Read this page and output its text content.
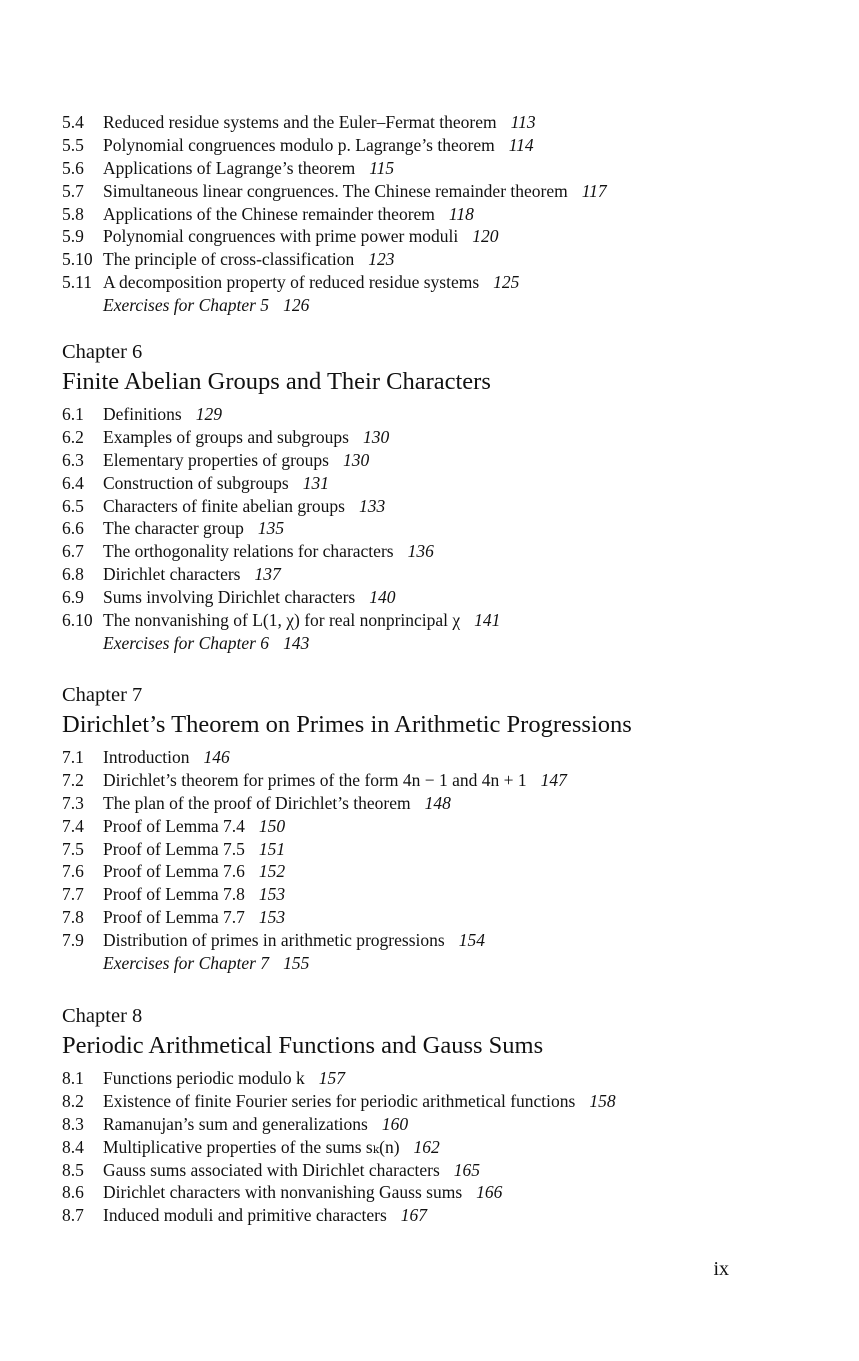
5.4	Reduced residue systems and the Euler–Fermat theorem 113
5.5	Polynomial congruences modulo p. Lagrange’s theorem 114
5.6	Applications of Lagrange’s theorem 115
5.7	Simultaneous linear congruences. The Chinese remainder theorem 117
5.8	Applications of the Chinese remainder theorem 118
5.9	Polynomial congruences with prime power moduli 120
5.10 The principle of cross-classification 123
5.11 A decomposition property of reduced residue systems 125
Exercises for Chapter 5 126
Chapter 6
Finite Abelian Groups and Their Characters
6.1	Definitions 129
6.2	Examples of groups and subgroups 130
6.3	Elementary properties of groups 130
6.4	Construction of subgroups 131
6.5	Characters of finite abelian groups 133
6.6	The character group 135
6.7	The orthogonality relations for characters 136
6.8	Dirichlet characters 137
6.9	Sums involving Dirichlet characters 140
6.10 The nonvanishing of L(1, χ) for real nonprincipal χ 141
Exercises for Chapter 6 143
Chapter 7
Dirichlet’s Theorem on Primes in Arithmetic Progressions
7.1	Introduction 146
7.2	Dirichlet’s theorem for primes of the form 4n − 1 and 4n + 1 147
7.3	The plan of the proof of Dirichlet’s theorem 148
7.4	Proof of Lemma 7.4 150
7.5	Proof of Lemma 7.5 151
7.6	Proof of Lemma 7.6 152
7.7	Proof of Lemma 7.8 153
7.8	Proof of Lemma 7.7 153
7.9	Distribution of primes in arithmetic progressions 154
Exercises for Chapter 7 155
Chapter 8
Periodic Arithmetical Functions and Gauss Sums
8.1	Functions periodic modulo k 157
8.2	Existence of finite Fourier series for periodic arithmetical functions 158
8.3	Ramanujan’s sum and generalizations 160
8.4	Multiplicative properties of the sums sₖ(n) 162
8.5	Gauss sums associated with Dirichlet characters 165
8.6	Dirichlet characters with nonvanishing Gauss sums 166
8.7	Induced moduli and primitive characters 167
ix
